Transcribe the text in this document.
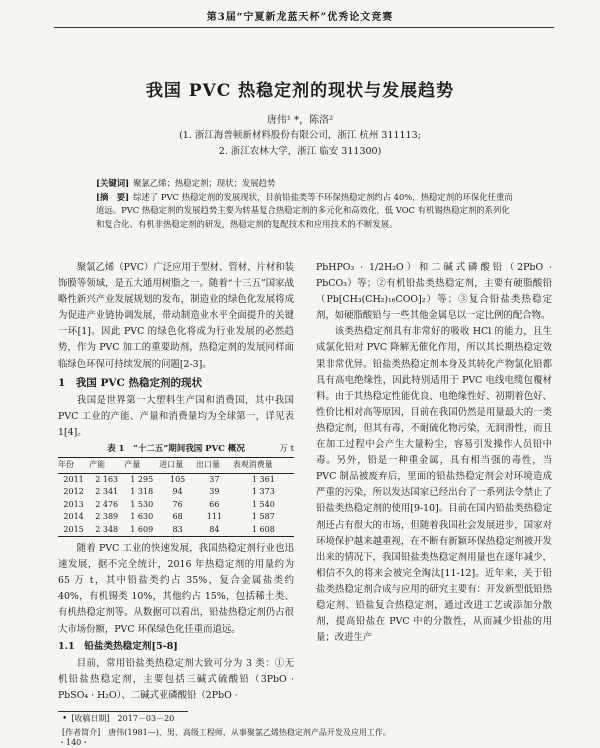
第3届“宁夏新龙蓝天杯”优秀论文竞赛
我国 PVC 热稳定剂的现状与发展趋势
唐伟¹ *，陈洛²
(1. 浙江海普顿新材料股份有限公司，浙江 杭州 311113;
2. 浙江农林大学，浙江 临安 311300)

[关键词] 聚氯乙烯；热稳定剂；现状；发展趋势

[摘　要] 综述了 PVC 热稳定剂的发展现状，目前铅盐类等不环保热稳定剂约占 40%，热稳定剂的环保化任重而道远。PVC 热稳定剂的发展趋势主要为转基复合热稳定剂的多元化和高效化，低 VOC 有机锡热稳定剂的系列化和复合化、有机非热稳定剂的研发，热稳定剂的复配技术和应用技术的不断发展。

聚氯乙烯（PVC）广泛应用于型材、管材、片材和装饰膜等领域，是五大通用树脂之一。随着“十三五”国家战略性新兴产业发展规划的发布，制造业的绿色化发展将成为促进产业链协调发展，带动制造业水平全面提升的关键一环[1]。因此 PVC 的绿色化将成为行业发展的必然趋势，作为 PVC 加工的重要助剂，热稳定剂的发展同样面临绿色环保可持续发展的问题[2-3]。

1　我国 PVC 热稳定剂的现状

我国是世界第一大塑料生产国和消费国，其中我国 PVC 工业的产能、产量和消费量均为全球第一，详见表 1[4]。

表 1　“十二五”期间我国 PVC 概况	万 t
年份	产能	产量	进口量	出口量	表观消费量
2011	2 163	1 295	105	37	1 361
2012	2 341	1 318	94	39	1 373
2013	2 476	1 530	76	66	1 540
2014	2 389	1 630	68	111	1 587
2015	2 348	1 609	83	84	1 608

随着 PVC 工业的快速发展，我国热稳定剂行业也迅速发展，据不完全统计，2016 年热稳定剂的用量约为 65 万 t，其中铅盐类约占 35%，复合金属盐类约 40%，有机锡类 10%，其他约占 15%，包括稀土类、有机热稳定剂等。从数据可以看出，铅盐热稳定剂仍占很大市场份额，PVC 环保绿色化任重而道远。

1.1　铅盐类热稳定剂[5-8]

目前，常用铅盐类热稳定剂大致可分为 3 类：①无机铅盐热稳定剂，主要包括三碱式硫酸铅（3PbO · PbSO₄ · H₂O）、二碱式亚磷酸铅（2PbO ·

PbHPO₃ · 1/2H₂O）和二碱式磷酸铅（2PbO · PbCO₃）等；②有机铅盐类热稳定剂，主要有硬脂酸铅（Pb[CH₃(CH₂)₁₆COO]₂）等；③复合铅盐类热稳定剂，如硬脂酸铅与一些其他金属皂以一定比例的配合物。

该类热稳定剂具有非常好的吸收 HCl 的能力，且生成氯化铅对 PVC 降解无催化作用，所以其长期热稳定效果非常优异。铅盐类热稳定剂本身及其转化产物氯化铅都具有高电绝缘性，因此特别适用于 PVC 电线电缆包覆材料。由于其热稳定性能优良、电绝缘性好、初期着色好、性价比相对高等原因，目前在我国仍然是用量最大的一类热稳定剂，但其有毒，不耐硫化物污染，无润滑性，而且在加工过程中会产生大量粉尘，容易引发操作人员铅中毒。另外，铅是一种重金属，具有相当强的毒性，当 PVC 制品被废弃后，里面的铅盐热稳定剂会对环境造成严重的污染，所以发达国家已经出台了一系列法令禁止了铅盐类热稳定剂的使用[9-10]。目前在国内铅盐类热稳定剂还占有很大的市场，但随着我国社会发展进步，国家对环境保护越来越重视，在不断有新颖环保热稳定剂被开发出来的情况下，我国铅盐类热稳定剂用量也在逐年减少，相信不久的将来会被完全淘汰[11-12]。近年来，关于铅盐类热稳定剂合成与应用的研究主要有：开发新型低铅热稳定剂、铅盐复合热稳定剂，通过改进工艺或添加分散剂，提高铅盐在 PVC 中的分散性，从而减少铅盐的用量；改进生产

• [收稿日期]　2017－03－20
[作者简介]　唐伟(1981—)，男，高级工程师，从事聚氯乙烯热稳定剂产品开发及应用工作。
・140・
